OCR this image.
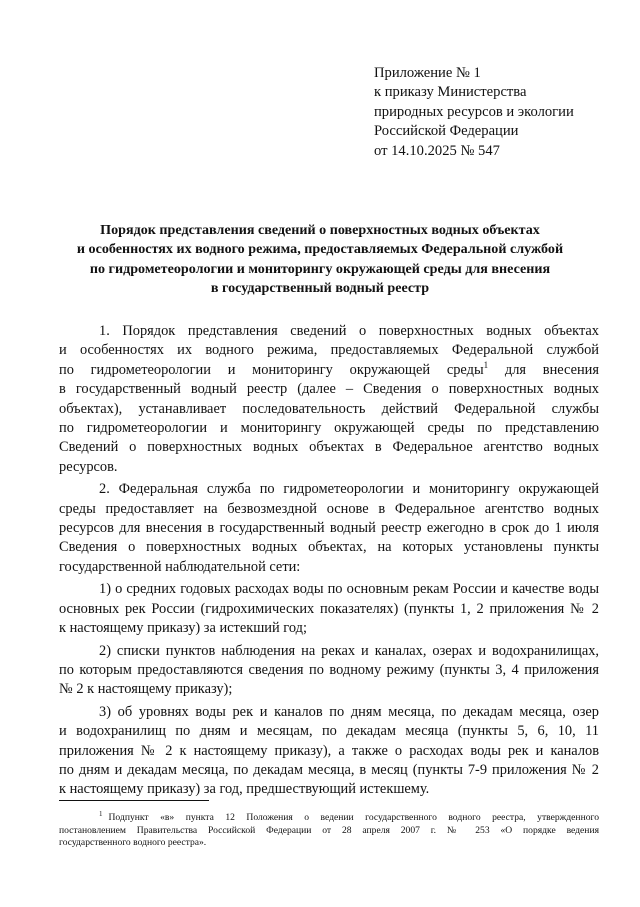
Приложение № 1
к приказу Министерства
природных ресурсов и экологии
Российской Федерации
от 14.10.2025 № 547
Порядок представления сведений о поверхностных водных объектах
и особенностях их водного режима, предоставляемых Федеральной службой
по гидрометеорологии и мониторингу окружающей среды для внесения
в государственный водный реестр
1. Порядок представления сведений о поверхностных водных объектах
и особенностях их водного режима, предоставляемых Федеральной службой
по гидрометеорологии и мониторингу окружающей среды$^1$ для внесения
в государственный водный реестр (далее – Сведения о поверхностных водных
объектах), устанавливает последовательность действий Федеральной службы
по гидрометеорологии и мониторингу окружающей среды по представлению
Сведений о поверхностных водных объектах в Федеральное агентство водных
ресурсов.
2. Федеральная служба по гидрометеорологии и мониторингу окружающей
среды предоставляет на безвозмездной основе в Федеральное агентство водных
ресурсов для внесения в государственный водный реестр ежегодно в срок до 1 июля
Сведения о поверхностных водных объектах, на которых установлены пункты
государственной наблюдательной сети:
1) о средних годовых расходах воды по основным рекам России и качестве воды
основных рек России (гидрохимических показателях) (пункты 1, 2 приложения № 2
к настоящему приказу) за истекший год;
2) списки пунктов наблюдения на реках и каналах, озерах и водохранилищах,
по которым предоставляются сведения по водному режиму (пункты 3, 4 приложения
№ 2 к настоящему приказу);
3) об уровнях воды рек и каналов по дням месяца, по декадам месяца, озер
и водохранилищ по дням и месяцам, по декадам месяца (пункты 5, 6, 10, 11
приложения № 2 к настоящему приказу), а также о расходах воды рек и каналов
по дням и декадам месяца, по декадам месяца, в месяц (пункты 7-9 приложения № 2
к настоящему приказу) за год, предшествующий истекшему.
$^1$ Подпункт «в» пункта 12 Положения о ведении государственного водного реестра, утвержденного
постановлением Правительства Российской Федерации от 28 апреля 2007 г. № 253 «О порядке ведения
государственного водного реестра».
